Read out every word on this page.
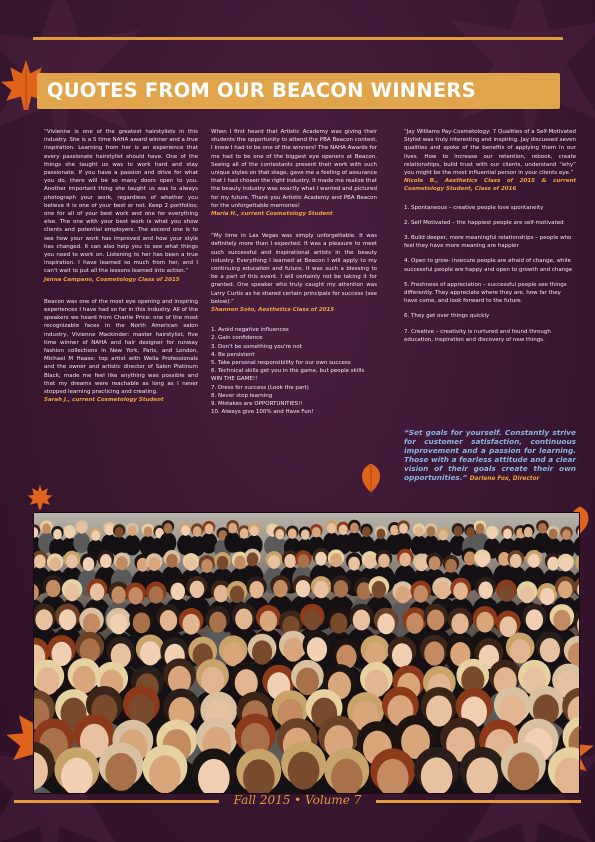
QUOTES FROM OUR BEACON WINNERS

“Vivienne is one of the greatest hairstylists in this industry. She is a 5 time NAHA award winner and a true inspiration. Learning from her is an experience that every passionate hairstylist should have. One of the things she taught us was to work hard and stay passionate. If you have a passion and drive for what you do, there will be so many doors open to you. Another important thing she taught us was to always photograph your work, regardless of whether you believe it is one of your best or not. Keep 2 portfolios; one for all of your best work and one for everything else. The one with your best work is what you show clients and potential employers. The second one is to see how your work has improved and how your style has changed. It can also help you to see what things you need to work on. Listening to her has been a true inspiration. I have learned so much from her, and I can't wait to put all the lessons learned into action.”

Jenna Campano, Cosmetology Class of 2015

Beacon was one of the most eye opening and inspiring experiences I have had so far in this industry. All of the speakers we heard from Charlie Price: one of the most recognizable faces in the North American salon industry, Vivienne Mackinder: master hairstylist, five time winner of NAHA and hair designer for runway fashion collections in New York, Paris, and London, Michael M Haase: top artist with Wella Professionals and the owner and artistic director of Salon Platinum Black; made me feel like anything was possible and that my dreams were reachable as long as I never stopped learning practicing and creating.

Sarah J., current Cosmetology Student

When I first heard that Artistic Academy was giving their students the opportunity to attend the PBA Beacon contest, I knew I had to be one of the winners! The NAHA Awards for me had to be one of the biggest eye openers at Beacon. Seeing all of the contestants present their work with such unique styles on that stage, gave me a feeling of assurance that I had chosen the right industry. It made me realize that the beauty industry was exactly what I wanted and pictured for my future. Thank you Artistic Academy and PBA Beacon for the unforgettable memories!

Maria H., current Cosmetology Student

“My time in Las Vegas was simply unforgettable. It was definitely more than I expected. It was a pleasure to meet such successful and inspirational artists in the beauty industry. Everything I learned at Beacon I will apply to my continuing education and future. It was such a blessing to be a part of this event. I will certainly not be taking it for granted. One speaker who truly caught my attention was Larry Curtis as he shared certain principals for success (see below).”

Shannon Soto, Aesthetics Class of 2015

1. Avoid negative influences
2. Gain confidence
3. Don't be something you're not
4. Be persistent
5. Take personal responsibility for our own success
6. Technical skills get you in the game, but people skills WIN THE GAME!!
7. Dress for success (Look the part)
8. Never stop learning
9. Mistakes are OPPORTUNITIES!!
10. Always give 100% and Have Fun!

“Jay Williams Pay-Cosmetology: 7 Qualities of a Self-Motivated Stylist was truly interesting and inspiring. Jay discussed seven qualities and spoke of the benefits of applying them in our lives. How to increase our retention, rebook, create relationships, build trust with our clients, understand “why” you might be the most influential person in your clients eye.”

Nicole B., Aesthetics Class of 2015 & current Cosmetology Student, Class of 2016

1. Spontaneous – creative people love spontaneity
2. Self Motivated – the happiest people are self-motivated
3. Build deeper, more meaningful relationships – people who feel they have more meaning are happier
4. Open to grow- insecure people are afraid of change, while successful people are happy and open to growth and change
5. Freshness of appreciation – successful people see things differently. They appreciate where they are, how far they have come, and look forward to the future.
6. They get over things quickly
7. Creative – creativity is nurtured and found through education, inspiration and discovery of new things.
“Set goals for yourself. Constantly strive for customer satisfaction, continuous improvement and a passion for learning. Those with a fearless attitude and a clear vision of their goals create their own opportunities.” Darlene Fox, Director
Fall 2015 • Volume 7
